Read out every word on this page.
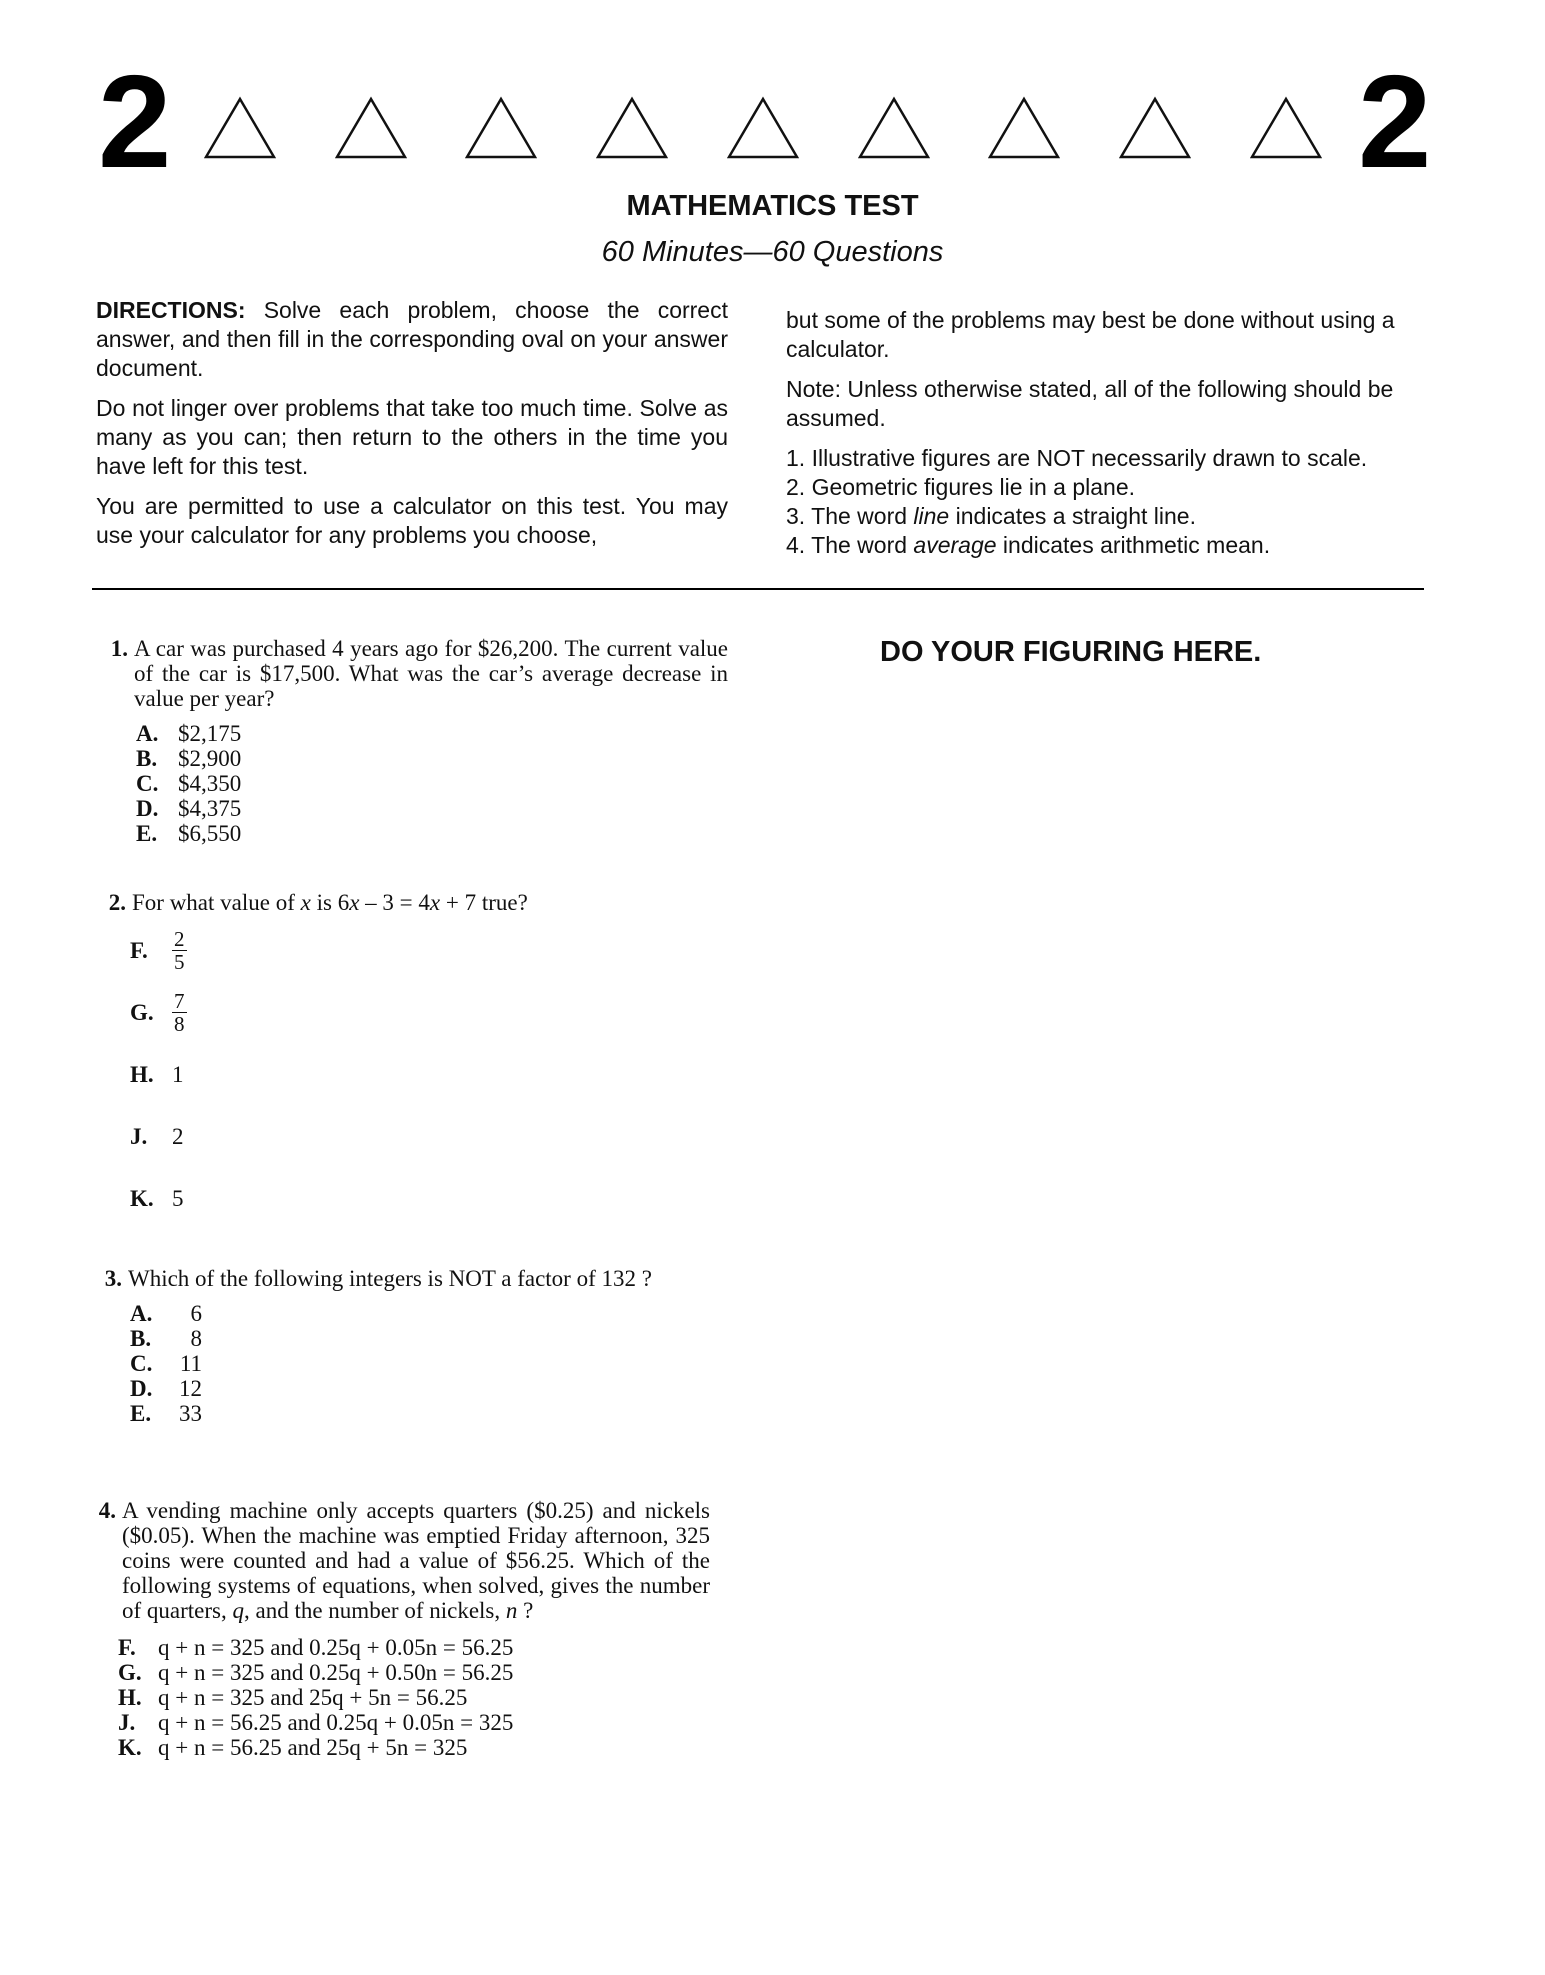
2	2
MATHEMATICS TEST
60 Minutes—60 Questions

DIRECTIONS: Solve each problem, choose the correct answer, and then fill in the corresponding oval on your answer document.

Do not linger over problems that take too much time. Solve as many as you can; then return to the others in the time you have left for this test.

You are permitted to use a calculator on this test. You may use your calculator for any problems you choose,

but some of the problems may best be done without using a calculator.

Note: Unless otherwise stated, all of the following should be assumed.

1. Illustrative figures are NOT necessarily drawn to scale.
2. Geometric figures lie in a plane.
3. The word line indicates a straight line.
4. The word average indicates arithmetic mean.
DO YOUR FIGURING HERE.
1. A car was purchased 4 years ago for $26,200. The current value of the car is $17,500. What was the car’s average decrease in value per year?
A. $2,175
B. $2,900
C. $4,350
D. $4,375
E. $6,550
2. For what value of x is 6x – 3 = 4x + 7 true?
F.	$\frac{2}{5}$
G. $\frac{7}{8}$
H. 1
J.	2
K. 5
3. Which of the following integers is NOT a factor of 132 ?
A.	6
B.	8
C.	11
D.	12
E.	33
4. A vending machine only accepts quarters ($0.25) and nickels ($0.05). When the machine was emptied Friday afternoon, 325 coins were counted and had a value of $56.25. Which of the following systems of equations, when solved, gives the number of quarters, q, and the number of nickels, n ?
F. q + n = 325 and 0.25q + 0.05n = 56.25
G. q + n = 325 and 0.25q + 0.50n = 56.25
H. q + n = 325 and 25q + 5n = 56.25
J. q + n = 56.25 and 0.25q + 0.05n = 325
K. q + n = 56.25 and 25q + 5n = 325
